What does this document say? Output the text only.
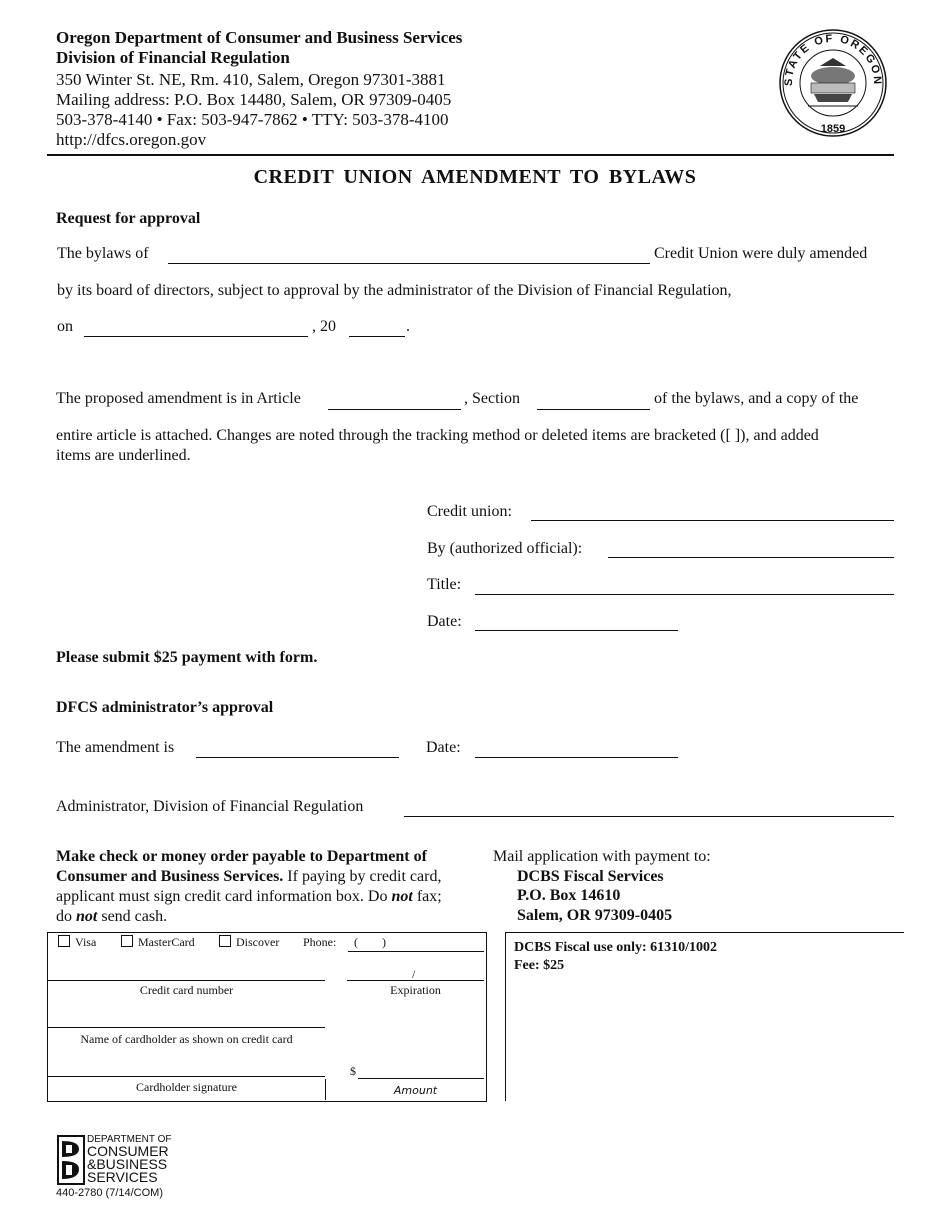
Oregon Department of Consumer and Business Services
Division of Financial Regulation
350 Winter St. NE, Rm. 410, Salem, Oregon 97301-3881
Mailing address: P.O. Box 14480, Salem, OR 97309-0405
503-378-4140 • Fax: 503-947-7862 • TTY: 503-378-4100
http://dfcs.oregon.gov
STATE OF OREGON
1859
CREDIT UNION AMENDMENT TO BYLAWS
Request for approval
The bylaws of	Credit Union were duly amended
by its board of directors, subject to approval by the administrator of the Division of Financial Regulation,
on	, 20	.
The proposed amendment is in Article	, Section	of the bylaws, and a copy of the
entire article is attached. Changes are noted through the tracking method or deleted items are bracketed ([ ]), and added
items are underlined.
Credit union:
By (authorized official):
Title:
Date:
Please submit $25 payment with form.
DFCS administrator’s approval
The amendment is	Date:
Administrator, Division of Financial Regulation
Make check or money order payable to Department of
Consumer and Business Services. If paying by credit card,
applicant must sign credit card information box. Do not fax;
do not send cash.
Mail application with payment to:
DCBS Fiscal Services
P.O. Box 14610
Salem, OR 97309-0405
Visa	MasterCard	Discover Phone: (        )
Credit card number
/
Expiration
Name of cardholder as shown on credit card
Cardholder signature
$
Amount
DCBS Fiscal use only: 61310/1002
Fee: $25
DEPARTMENT OF
CONSUMER
&BUSINESS
SERVICES
440-2780 (7/14/COM)
